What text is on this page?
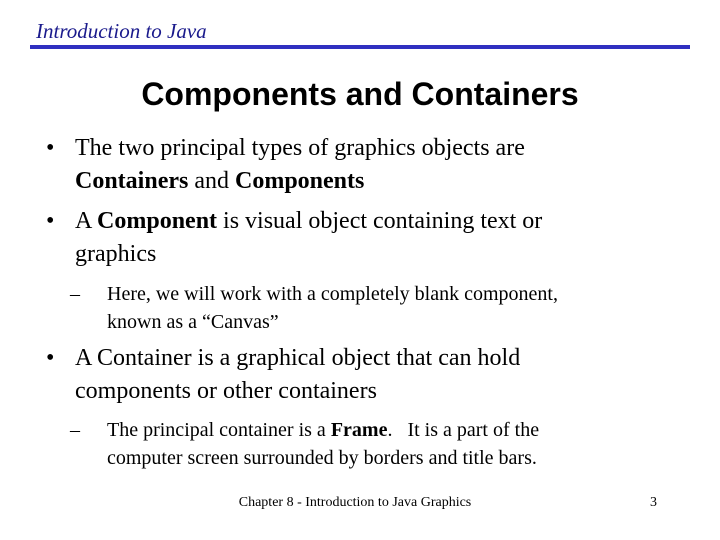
Introduction to Java
Components and Containers
• The two principal types of graphics objects are
Containers and Components
• A Component is visual object containing text or
graphics
– Here, we will work with a completely blank component,
known as a “Canvas”
• A Container is a graphical object that can hold
components or other containers
– The principal container is a Frame.   It is a part of the
computer screen surrounded by borders and title bars.
Chapter 8 - Introduction to Java Graphics	3
